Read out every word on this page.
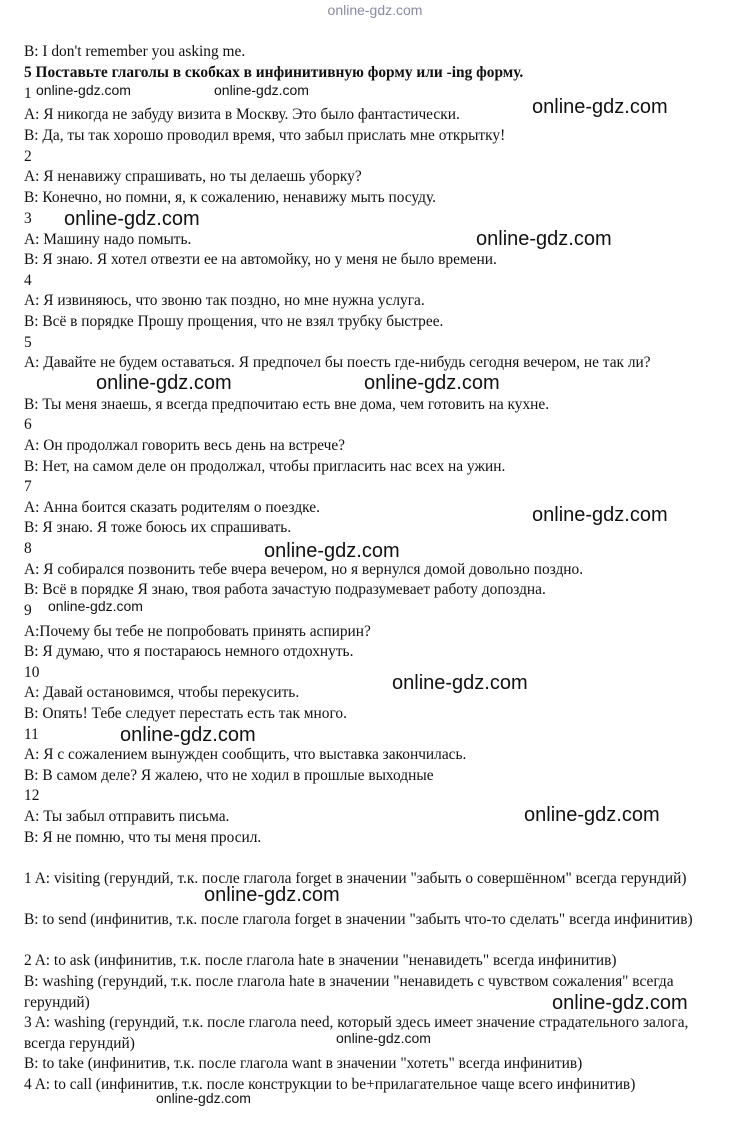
online-gdz.com
B: I don't remember you asking me.
5 Поставьте глаголы в скобках в инфинитивную форму или -ing форму.
1
A: Я никогда не забуду визита в Москву. Это было фантастически.
B: Да, ты так хорошо проводил время, что забыл прислать мне открытку!
2
A: Я ненавижу спрашивать, но ты делаешь уборку?
B: Конечно, но помни, я, к сожалению, ненавижу мыть посуду.
3
A: Машину надо помыть.
B: Я знаю. Я хотел отвезти ее на автомойку, но у меня не было времени.
4
A: Я извиняюсь, что звоню так поздно, но мне нужна услуга.
B: Всё в порядке Прошу прощения, что не взял трубку быстрее.
5
A: Давайте не будем оставаться. Я предпочел бы поесть где-нибудь сегодня вечером, не так ли?
B: Ты меня знаешь, я всегда предпочитаю есть вне дома, чем готовить на кухне.
6
A: Он продолжал говорить весь день на встрече?
B: Нет, на самом деле он продолжал, чтобы пригласить нас всех на ужин.
7
A: Анна боится сказать родителям о поездке.
B: Я знаю. Я тоже боюсь их спрашивать.
8
A: Я собирался позвонить тебе вчера вечером, но я вернулся домой довольно поздно.
B: Всё в порядке Я знаю, твоя работа зачастую подразумевает работу допоздна.
9
A:Почему бы тебе не попробовать принять аспирин?
B: Я думаю, что я постараюсь немного отдохнуть.
10
A: Давай остановимся, чтобы перекусить.
B: Опять! Тебе следует перестать есть так много.
11
A: Я с сожалением вынужден сообщить, что выставка закончилась.
B: В самом деле? Я жалею, что не ходил в прошлые выходные
12
A: Ты забыл отправить письма.
B: Я не помню, что ты меня просил.
1 A: visiting (герундий, т.к. после глагола forget в значении "забыть о совершённом" всегда герундий)
B: to send (инфинитив, т.к. после глагола forget в значении "забыть что-то сделать" всегда инфинитив)
2 A: to ask (инфинитив, т.к. после глагола hate в значении "ненавидеть" всегда инфинитив)
B: washing (герундий, т.к. после глагола hate в значении "ненавидеть с чувством сожаления" всегда герундий)
3 A: washing (герундий, т.к. после глагола need, который здесь имеет значение страдательного залога, всегда герундий)
B: to take (инфинитив, т.к. после глагола want в значении "хотеть" всегда инфинитив)
4 A: to call (инфинитив, т.к. после конструкции to be+прилагательное чаще всего инфинитив)
online-gdz.com	online-gdz.com
online-gdz.com
online-gdz.com
online-gdz.com
online-gdz.com	online-gdz.com
online-gdz.com
online-gdz.com
online-gdz.com
online-gdz.com
online-gdz.com
online-gdz.com
online-gdz.com
online-gdz.com
online-gdz.com
online-gdz.com
